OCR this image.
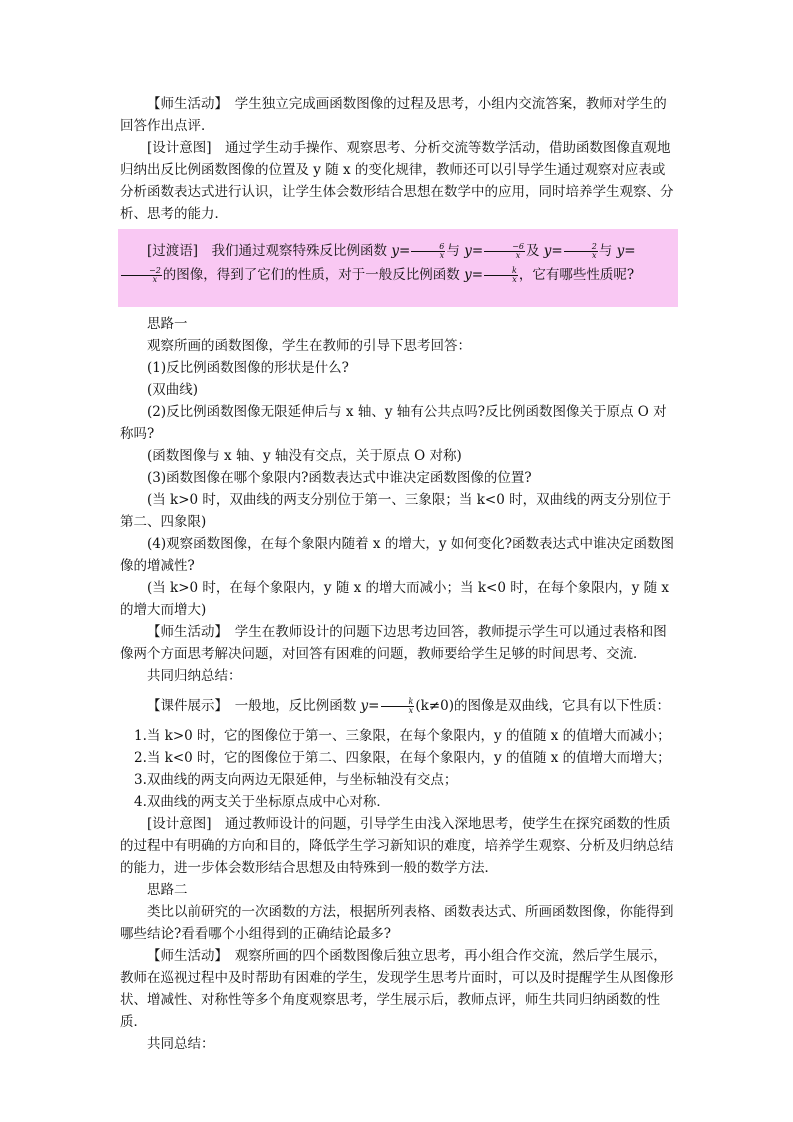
【师生活动】　学生独立完成画函数图像的过程及思考，小组内交流答案，教师对学生的回答作出点评．

[设计意图]　通过学生动手操作、观察思考、分析交流等数学活动，借助函数图像直观地归纳出反比例函数图像的位置及 y 随 x 的变化规律，教师还可以引导学生通过观察对应表或分析函数表达式进行认识，让学生体会数形结合思想在数学中的应用，同时培养学生观察、分析、思考的能力．

[过渡语]　 我们通过观察特殊反比例函数 $y= \frac{6}{x}$ 与 $y= \frac{-6}{x}$ 及 $y= \frac{2}{x}$ 与 y=
$\frac{-2}{x}$ 的图像，得到了它们的性质，对于一般反比例函数 $y= \frac{k}{x}$ ，它有哪些性质呢?

思路一

观察所画的函数图像，学生在教师的引导下思考回答：

(1)反比例函数图像的形状是什么?

(双曲线)

(2)反比例函数图像无限延伸后与 x 轴、y 轴有公共点吗?反比例函数图像关于原点 O 对称吗?

(函数图像与 x 轴、y 轴没有交点，关于原点 O 对称)

(3)函数图像在哪个象限内?函数表达式中谁决定函数图像的位置?

(当 k>0 时，双曲线的两支分别位于第一、三象限；当 k<0 时，双曲线的两支分别位于第二、四象限)

(4)观察函数图像，在每个象限内随着 x 的增大，y 如何变化?函数表达式中谁决定函数图像的增减性?

(当 k>0 时，在每个象限内，y 随 x 的增大而减小；当 k<0 时，在每个象限内，y 随 x 的增大而增大)

【师生活动】　学生在教师设计的问题下边思考边回答，教师提示学生可以通过表格和图像两个方面思考解决问题，对回答有困难的问题，教师要给学生足够的时间思考、交流．

共同归纳总结：

【课件展示】　一般地，反比例函数 $y= \frac{k}{x} (k\ne 0)$的图像是双曲线，它具有以下性质：

1.当 k>0 时，它的图像位于第一、三象限，在每个象限内，y 的值随 x 的值增大而减小；

2.当 k<0 时，它的图像位于第二、四象限，在每个象限内，y 的值随 x 的值增大而增大；

3.双曲线的两支向两边无限延伸，与坐标轴没有交点；

4.双曲线的两支关于坐标原点成中心对称．

[设计意图]　通过教师设计的问题，引导学生由浅入深地思考，使学生在探究函数的性质的过程中有明确的方向和目的，降低学生学习新知识的难度，培养学生观察、分析及归纳总结的能力，进一步体会数形结合思想及由特殊到一般的数学方法．

思路二

类比以前研究的一次函数的方法，根据所列表格、函数表达式、所画函数图像，你能得到哪些结论?看看哪个小组得到的正确结论最多?

【师生活动】　观察所画的四个函数图像后独立思考，再小组合作交流，然后学生展示，教师在巡视过程中及时帮助有困难的学生，发现学生思考片面时，可以及时提醒学生从图像形状、增减性、对称性等多个角度观察思考，学生展示后，教师点评，师生共同归纳函数的性质．

共同总结：
